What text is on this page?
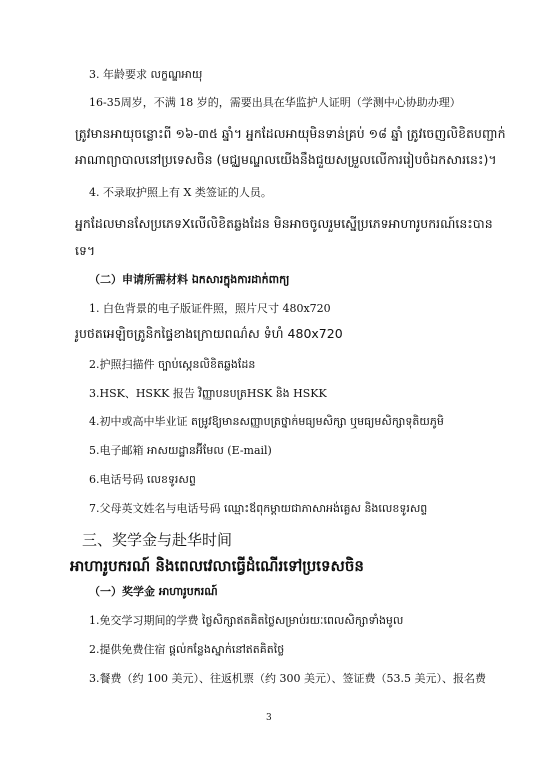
3. 年龄要求 លក្ខណ្ឌអាយុ
16-35周岁，不满 18 岁的，需要出具在华监护人证明（学测中心协助办理）
ត្រូវមានអាយុចន្លោះពី ១៦-៣៥ ឆ្នាំ។ អ្នកដែលអាយុមិនទាន់គ្រប់ ១៨ ឆ្នាំ ត្រូវចេញលិខិតបញ្ជាក់
អាណាព្យាបាលនៅប្រទេសចិន (មជ្ឈមណ្ឌលយើងនឹងជួយសម្រួលលើការរៀបចំឯកសារនេះ)។
4. 不录取护照上有 X 类签证的人员。
អ្នកដែលមានសែប្រភេទXលើលិខិតឆ្លងដែន មិនអាចចូលរួមស្នើប្រភេទអាហារូបករណ៍នេះបាន
ទេ។
（二）申请所需材料 ឯកសារក្នុងការដាក់ពាក្យ
1. 白色背景的电子版证件照，照片尺寸 480x720
រូបថតអេឡិចត្រូនិកផ្ទៃខាងក្រោយពណ៌ស ទំហំ 480x720
2.护照扫描件 ច្បាប់ស្កេនលិខិតឆ្លងដែន
3.HSK、HSKK 报告 វិញ្ញាបនបត្រHSK និង HSKK
4.初中或高中毕业证 តម្រូវឱ្យមានសញ្ញាបត្រថ្នាក់មធ្យមសិក្សា ឬមធ្យមសិក្សាទុតិយភូមិ
5.电子邮箱 អាសយដ្ឋានអ៊ីមែល (E-mail)
6.电话号码 លេខទូរសព្ទ
7.父母英文姓名与电话号码 ឈ្មោះឪពុកម្តាយជាភាសាអង់គ្លេស និងលេខទូរសព្ទ
三、奖学金与赴华时间
អាហារូបករណ៍ និងពេលវេលាធ្វើដំណើរទៅប្រទេសចិន
（一）奖学金 អាហារូបករណ៍
1.免交学习期间的学费 ថ្លៃសិក្សាឥតគិតថ្លៃសម្រាប់រយៈពេលសិក្សាទាំងមូល
2.提供免费住宿 ផ្តល់កន្លែងស្នាក់នៅឥតគិតថ្លៃ
3.餐费（约 100 美元）、往返机票（约 300 美元）、签证费（53.5 美元）、报名费
3
